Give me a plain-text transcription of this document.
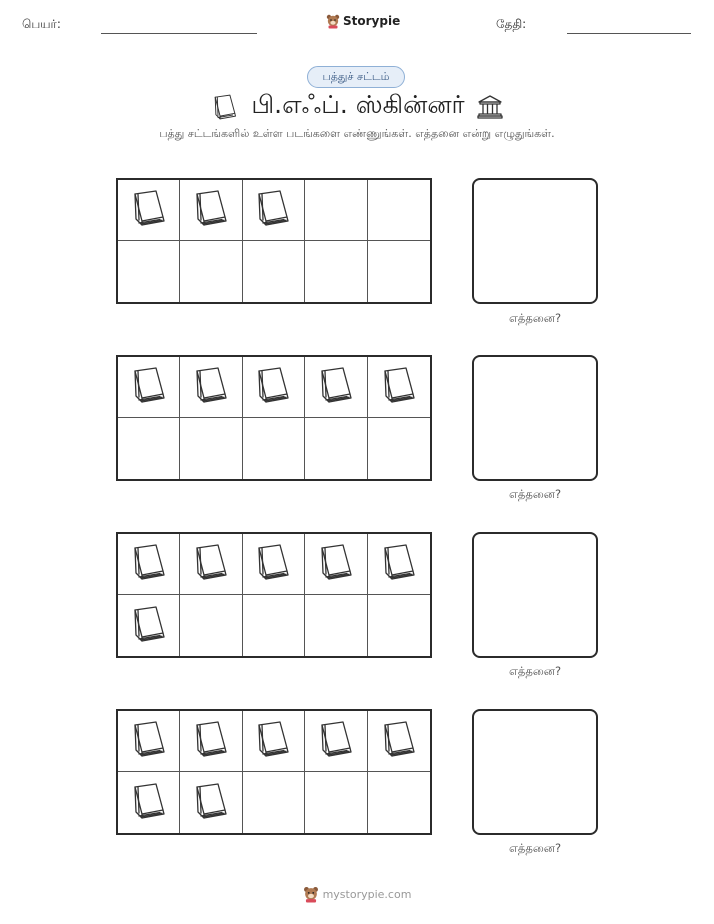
பெயர்:	Storypie	தேதி:
பத்துச் சட்டம்
பி.எஃப். ஸ்கின்னர்
பத்து சட்டங்களில் உள்ள படங்களை எண்ணுங்கள். எத்தனை என்று எழுதுங்கள்.
எத்தனை?
எத்தனை?
எத்தனை?
எத்தனை?
mystorypie.com
